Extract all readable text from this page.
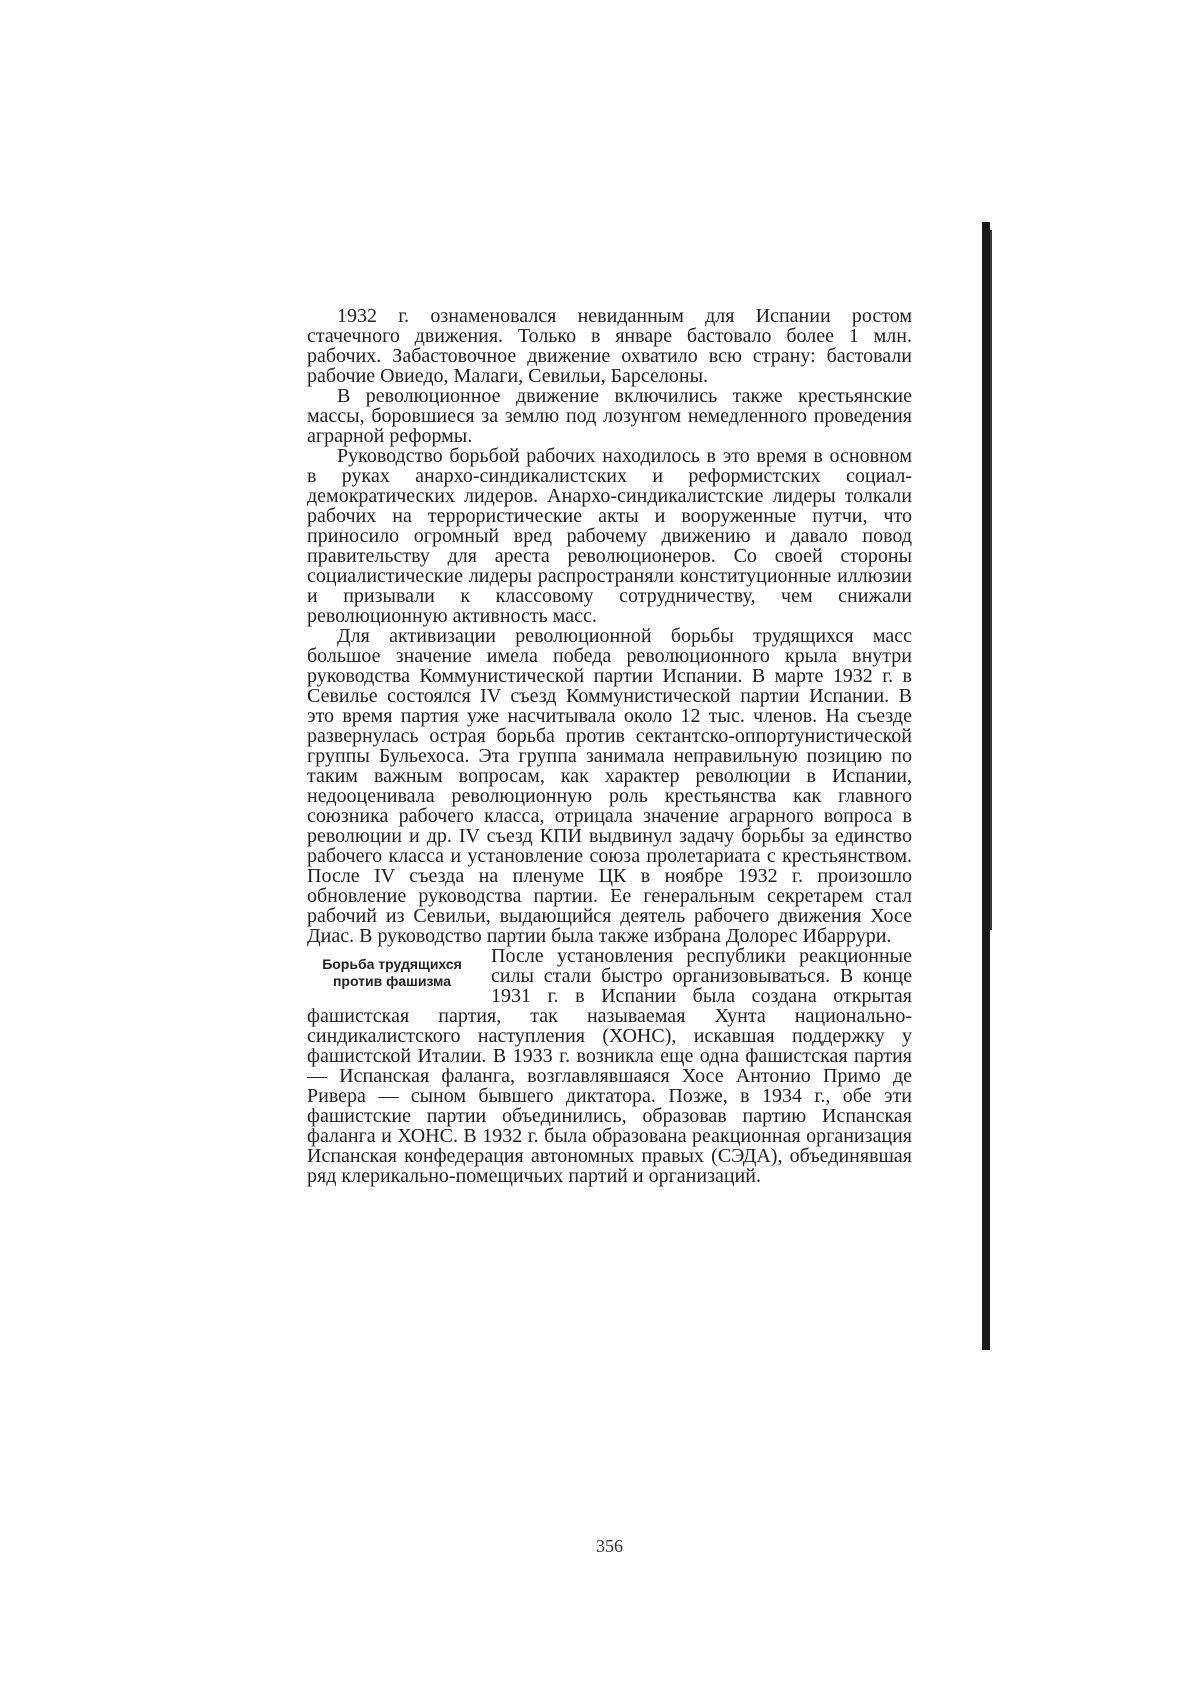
1932 г. ознаменовался невиданным для Испании ростом стачечного движения. Только в январе бастовало более 1 млн. рабочих. Забастовочное движение охватило всю страну: бастовали рабочие Овиедо, Малаги, Севильи, Барселоны.

В революционное движение включились также крестьянские массы, боровшиеся за землю под лозунгом немедленного проведения аграрной реформы.

Руководство борьбой рабочих находилось в это время в основном в руках анархо-синдикалистских и реформистских социал-демократических лидеров. Анархо-синдикалистские лидеры толкали рабочих на террористические акты и вооруженные путчи, что приносило огромный вред рабочему движению и давало повод правительству для ареста революционеров. Со своей стороны социалистические лидеры распространяли конституционные иллюзии и призывали к классовому сотрудничеству, чем снижали революционную активность масс.

Для активизации революционной борьбы трудящихся масс большое значение имела победа революционного крыла внутри руководства Коммунистической партии Испании. В марте 1932 г. в Севилье состоялся IV съезд Коммунистической партии Испании. В это время партия уже насчитывала около 12 тыс. членов. На съезде развернулась острая борьба против сектантско-оппортунистической группы Бульехоса. Эта группа занимала неправильную позицию по таким важным вопросам, как характер революции в Испании, недооценивала революционную роль крестьянства как главного союзника рабочего класса, отрицала значение аграрного вопроса в революции и др. IV съезд КПИ выдвинул задачу борьбы за единство рабочего класса и установление союза пролетариата с крестьянством. После IV съезда на пленуме ЦК в ноябре 1932 г. произошло обновление руководства партии. Ее генеральным секретарем стал рабочий из Севильи, выдающийся деятель рабочего движения Хосе Диас. В руководство партии была также избрана Долорес Ибаррури.

Борьба трудящихся
против фашизма

После установления республики реакционные силы стали быстро организовываться. В конце 1931 г. в Испании была создана открытая фашистская партия, так называемая Хунта национально-синдикалистского наступления (ХОНС), искавшая поддержку у фашистской Италии. В 1933 г. возникла еще одна фашистская партия — Испанская фаланга, возглавлявшаяся Хосе Антонио Примо де Ривера — сыном бывшего диктатора. Позже, в 1934 г., обе эти фашистские партии объединились, образовав партию Испанская фаланга и ХОНС. В 1932 г. была образована реакционная организация Испанская конфедерация автономных правых (СЭДА), объединявшая ряд клерикально-помещичьих партий и организаций.

356
